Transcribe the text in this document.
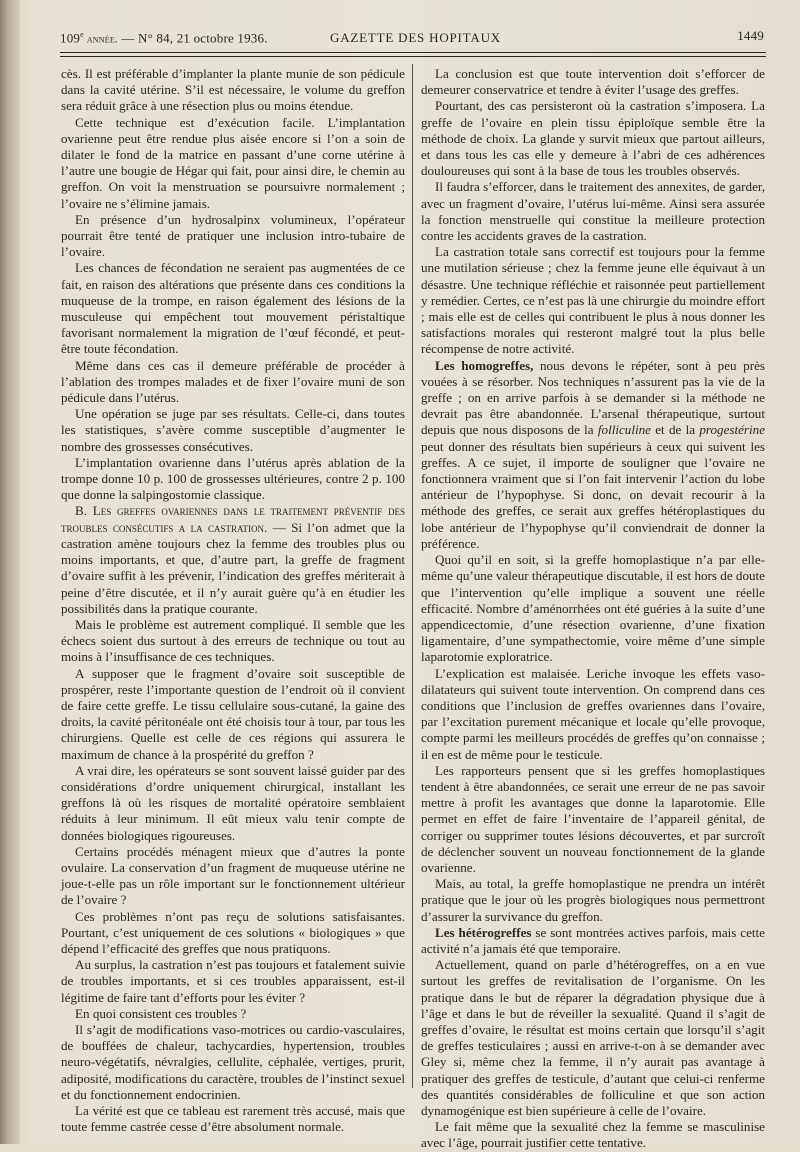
109e année. — N° 84, 21 octobre 1936.	GAZETTE DES HOPITAUX	1449

cès. Il est préférable d’implanter la plante munie de son pédicule dans la cavité utérine. S’il est nécessaire, le volume du greffon sera réduit grâce à une résection plus ou moins étendue.

Cette technique est d’exécution facile. L’implantation ovarienne peut être rendue plus aisée encore si l’on a soin de dilater le fond de la matrice en passant d’une corne utérine à l’autre une bougie de Hégar qui fait, pour ainsi dire, le chemin au greffon. On voit la menstruation se poursuivre normalement ; l’ovaire ne s’élimine jamais.

En présence d’un hydrosalpinx volumineux, l’opérateur pourrait être tenté de pratiquer une inclusion intro-tubaire de l’ovaire.

Les chances de fécondation ne seraient pas augmentées de ce fait, en raison des altérations que présente dans ces conditions la muqueuse de la trompe, en raison également des lésions de la musculeuse qui empêchent tout mouvement péristaltique favorisant normalement la migration de l’œuf fécondé, et peut-être toute fécondation.

Même dans ces cas il demeure préférable de procéder à l’ablation des trompes malades et de fixer l’ovaire muni de son pédicule dans l’utérus.

Une opération se juge par ses résultats. Celle-ci, dans toutes les statistiques, s’avère comme susceptible d’augmenter le nombre des grossesses consécutives.

L’implantation ovarienne dans l’utérus après ablation de la trompe donne 10 p. 100 de grossesses ultérieures, contre 2 p. 100 que donne la salpingostomie classique.

B. Les greffes ovariennes dans le traitement préventif des troubles consécutifs a la castration. — Si l’on admet que la castration amène toujours chez la femme des troubles plus ou moins importants, et que, d’autre part, la greffe de fragment d’ovaire suffit à les prévenir, l’indication des greffes mériterait à peine d’être discutée, et il n’y aurait guère qu’à en étudier les possibilités dans la pratique courante.

Mais le problème est autrement compliqué. Il semble que les échecs soient dus surtout à des erreurs de technique ou tout au moins à l’insuffisance de ces techniques.

A supposer que le fragment d’ovaire soit susceptible de prospérer, reste l’importante question de l’endroit où il convient de faire cette greffe. Le tissu cellulaire sous-cutané, la gaine des droits, la cavité péritonéale ont été choisis tour à tour, par tous les chirurgiens. Quelle est celle de ces régions qui assurera le maximum de chance à la prospérité du greffon ?

A vrai dire, les opérateurs se sont souvent laissé guider par des considérations d’ordre uniquement chirurgical, installant les greffons là où les risques de mortalité opératoire semblaient réduits à leur minimum. Il eût mieux valu tenir compte de données biologiques rigoureuses.

Certains procédés ménagent mieux que d’autres la ponte ovulaire. La conservation d’un fragment de muqueuse utérine ne joue-t-elle pas un rôle important sur le fonctionnement ultérieur de l’ovaire ?

Ces problèmes n’ont pas reçu de solutions satisfaisantes. Pourtant, c’est uniquement de ces solutions « biologiques » que dépend l’efficacité des greffes que nous pratiquons.

Au surplus, la castration n’est pas toujours et fatalement suivie de troubles importants, et si ces troubles apparaissent, est-il légitime de faire tant d’efforts pour les éviter ?

En quoi consistent ces troubles ?

Il s’agit de modifications vaso-motrices ou cardio-vasculaires, de bouffées de chaleur, tachycardies, hypertension, troubles neuro-végétatifs, névralgies, cellulite, céphalée, vertiges, prurit, adiposité, modifications du caractère, troubles de l’instinct sexuel et du fonctionnement endocrinien.

La vérité est que ce tableau est rarement très accusé, mais que toute femme castrée cesse d’être absolument normale.

La conclusion est que toute intervention doit s’efforcer de demeurer conservatrice et tendre à éviter l’usage des greffes.

Pourtant, des cas persisteront où la castration s’imposera. La greffe de l’ovaire en plein tissu épiploïque semble être la méthode de choix. La glande y survit mieux que partout ailleurs, et dans tous les cas elle y demeure à l’abri de ces adhérences douloureuses qui sont à la base de tous les troubles observés.

Il faudra s’efforcer, dans le traitement des annexites, de garder, avec un fragment d’ovaire, l’utérus lui-même. Ainsi sera assurée la fonction menstruelle qui constitue la meilleure protection contre les accidents graves de la castration.

La castration totale sans correctif est toujours pour la femme une mutilation sérieuse ; chez la femme jeune elle équivaut à un désastre. Une technique réfléchie et raisonnée peut partiellement y remédier. Certes, ce n’est pas là une chirurgie du moindre effort ; mais elle est de celles qui contribuent le plus à nous donner les satisfactions morales qui resteront malgré tout la plus belle récompense de notre activité.

Les homogreffes, nous devons le répéter, sont à peu près vouées à se résorber. Nos techniques n’assurent pas la vie de la greffe ; on en arrive parfois à se demander si la méthode ne devrait pas être abandonnée. L’arsenal thérapeutique, surtout depuis que nous disposons de la folliculine et de la progestérine peut donner des résultats bien supérieurs à ceux qui suivent les greffes. A ce sujet, il importe de souligner que l’ovaire ne fonctionnera vraiment que si l’on fait intervenir l’action du lobe antérieur de l’hypophyse. Si donc, on devait recourir à la méthode des greffes, ce serait aux greffes hétéroplastiques du lobe antérieur de l’hypophyse qu’il conviendrait de donner la préférence.

Quoi qu’il en soit, si la greffe homoplastique n’a par elle-même qu’une valeur thérapeutique discutable, il est hors de doute que l’intervention qu’elle implique a souvent une réelle efficacité. Nombre d’aménorrhées ont été guéries à la suite d’une appendicectomie, d’une résection ovarienne, d’une fixation ligamentaire, d’une sympathectomie, voire même d’une simple laparotomie exploratrice.

L’explication est malaisée. Leriche invoque les effets vaso-dilatateurs qui suivent toute intervention. On comprend dans ces conditions que l’inclusion de greffes ovariennes dans l’ovaire, par l’excitation purement mécanique et locale qu’elle provoque, compte parmi les meilleurs procédés de greffes qu’on connaisse ; il en est de même pour le testicule.

Les rapporteurs pensent que si les greffes homoplastiques tendent à être abandonnées, ce serait une erreur de ne pas savoir mettre à profit les avantages que donne la laparotomie. Elle permet en effet de faire l’inventaire de l’appareil génital, de corriger ou supprimer toutes lésions découvertes, et par surcroît de déclencher souvent un nouveau fonctionnement de la glande ovarienne.

Mais, au total, la greffe homoplastique ne prendra un intérêt pratique que le jour où les progrès biologiques nous permettront d’assurer la survivance du greffon.

Les hétérogreffes se sont montrées actives parfois, mais cette activité n’a jamais été que temporaire.

Actuellement, quand on parle d’hétérogreffes, on a en vue surtout les greffes de revitalisation de l’organisme. On les pratique dans le but de réparer la dégradation physique due à l’âge et dans le but de réveiller la sexualité. Quand il s’agit de greffes d’ovaire, le résultat est moins certain que lorsqu’il s’agit de greffes testiculaires ; aussi en arrive-t-on à se demander avec Gley si, même chez la femme, il n’y aurait pas avantage à pratiquer des greffes de testicule, d’autant que celui-ci renferme des quantités considérables de folliculine et que son action dynamogénique est bien supérieure à celle de l’ovaire.

Le fait même que la sexualité chez la femme se masculinise avec l’âge, pourrait justifier cette tentative.
